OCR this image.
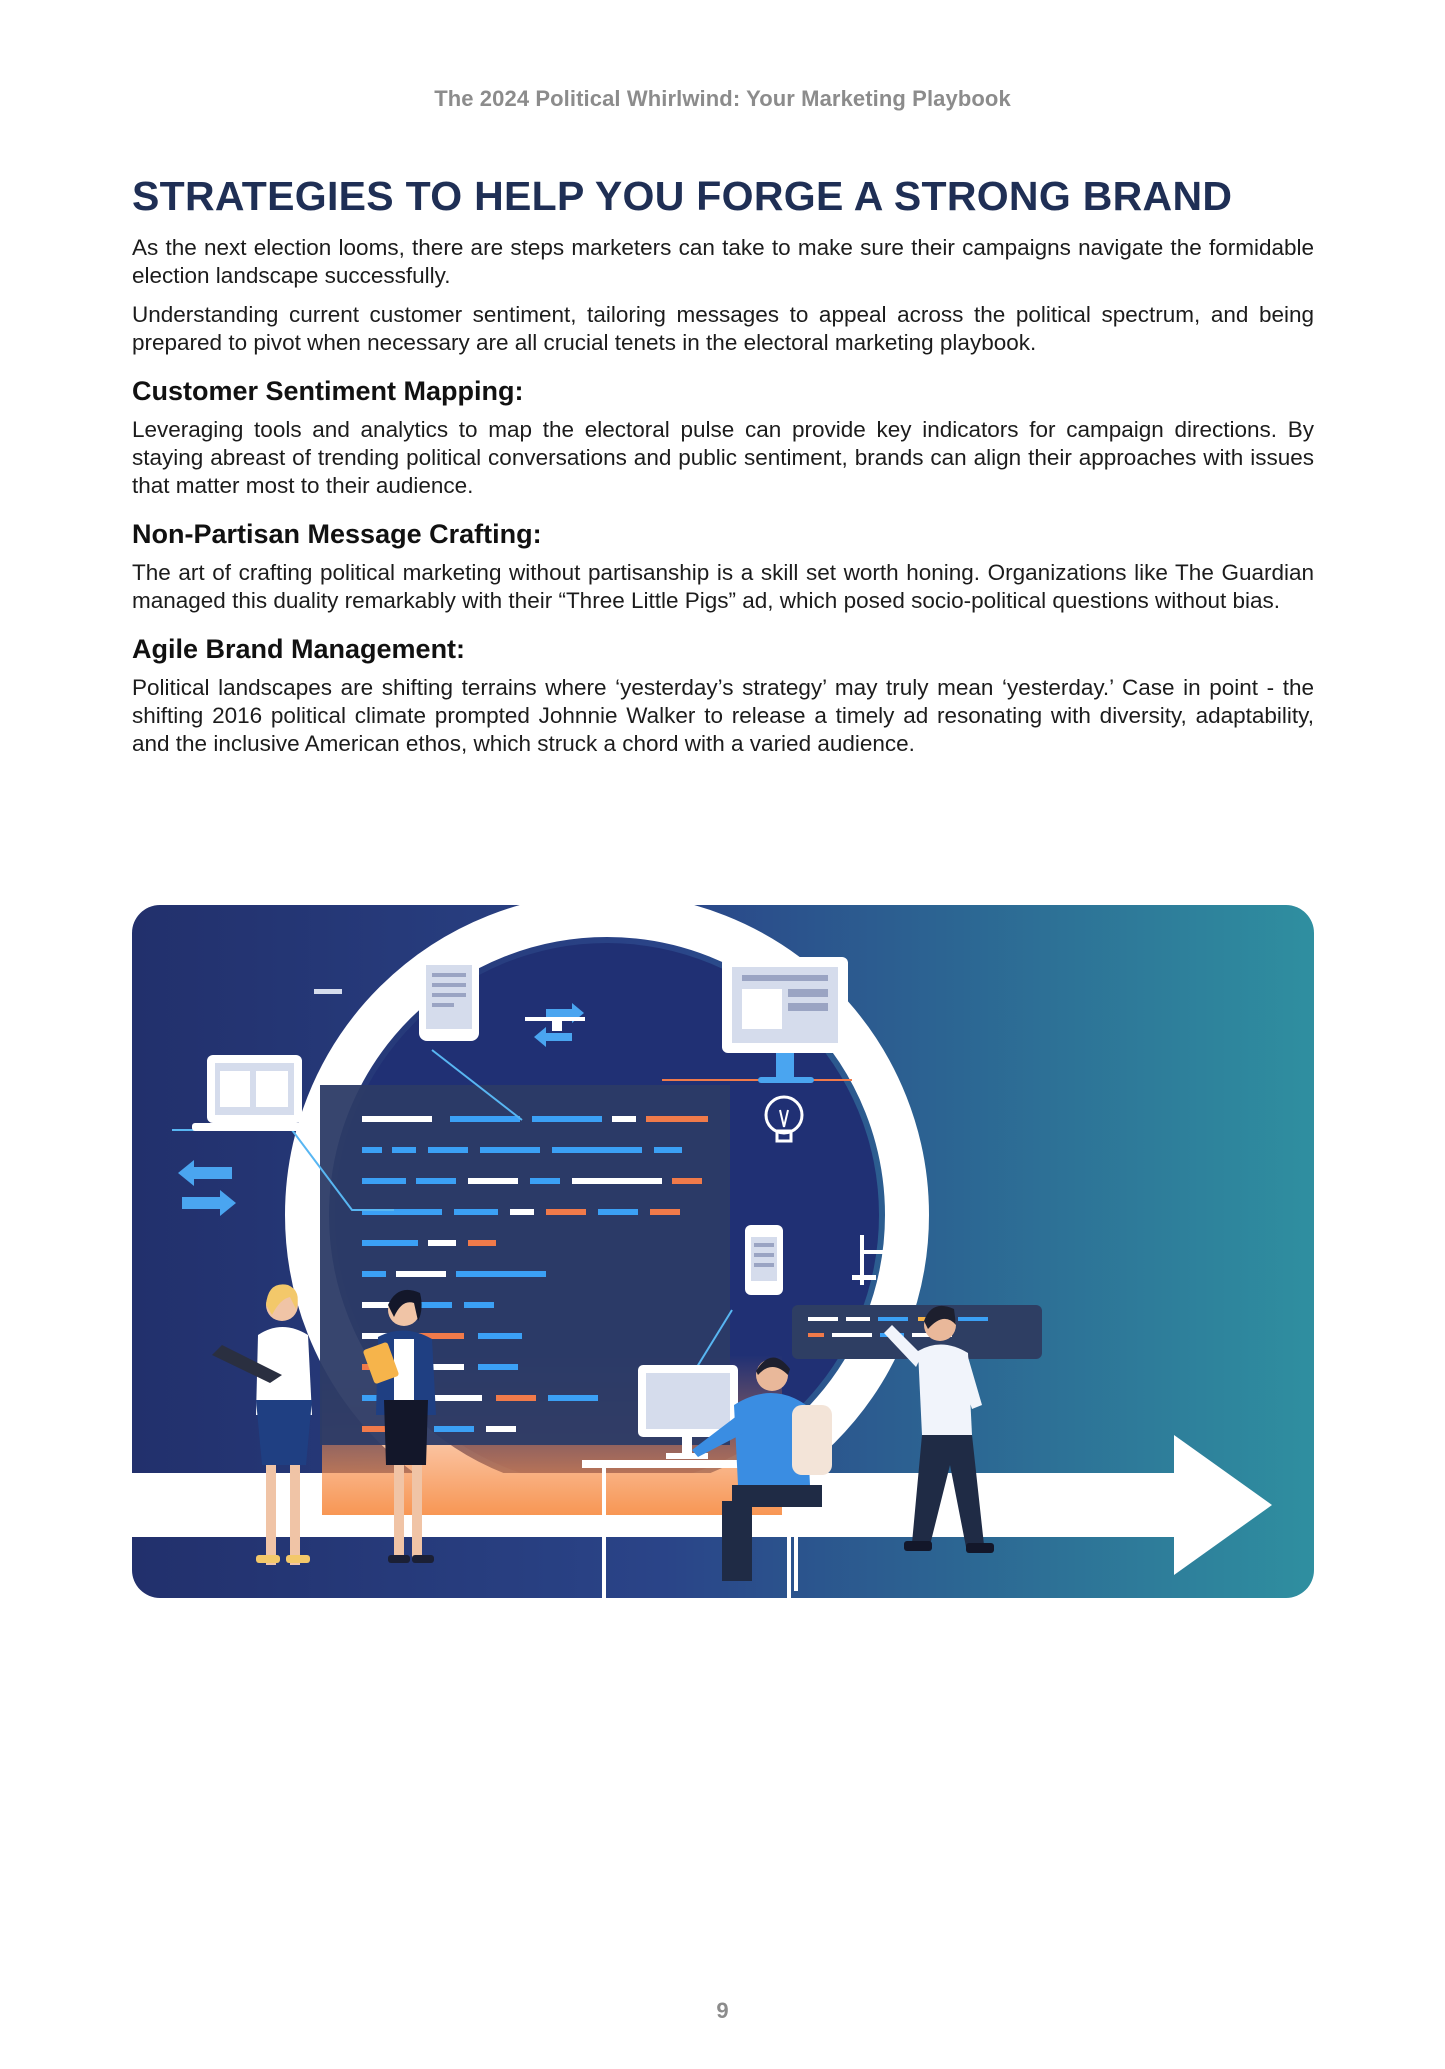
The 2024 Political Whirlwind: Your Marketing Playbook
STRATEGIES TO HELP YOU FORGE A STRONG BRAND

As the next election looms, there are steps marketers can take to make sure their campaigns navigate the formidable election landscape successfully.

Understanding current customer sentiment, tailoring messages to appeal across the political spectrum, and being prepared to pivot when necessary are all crucial tenets in the electoral marketing playbook.

Customer Sentiment Mapping:

Leveraging tools and analytics to map the electoral pulse can provide key indicators for campaign directions. By staying abreast of trending political conversations and public sentiment, brands can align their approaches with issues that matter most to their audience.

Non-Partisan Message Crafting:

The art of crafting political marketing without partisanship is a skill set worth honing. Organizations like The Guardian managed this duality remarkably with their “Three Little Pigs” ad, which posed socio-political questions without bias.

Agile Brand Management:

Political landscapes are shifting terrains where ‘yesterday’s strategy’ may truly mean ‘yesterday.’ Case in point - the shifting 2016 political climate prompted Johnnie Walker to release a timely ad resonating with diversity, adaptability, and the inclusive American ethos, which struck a chord with a varied audience.

9
